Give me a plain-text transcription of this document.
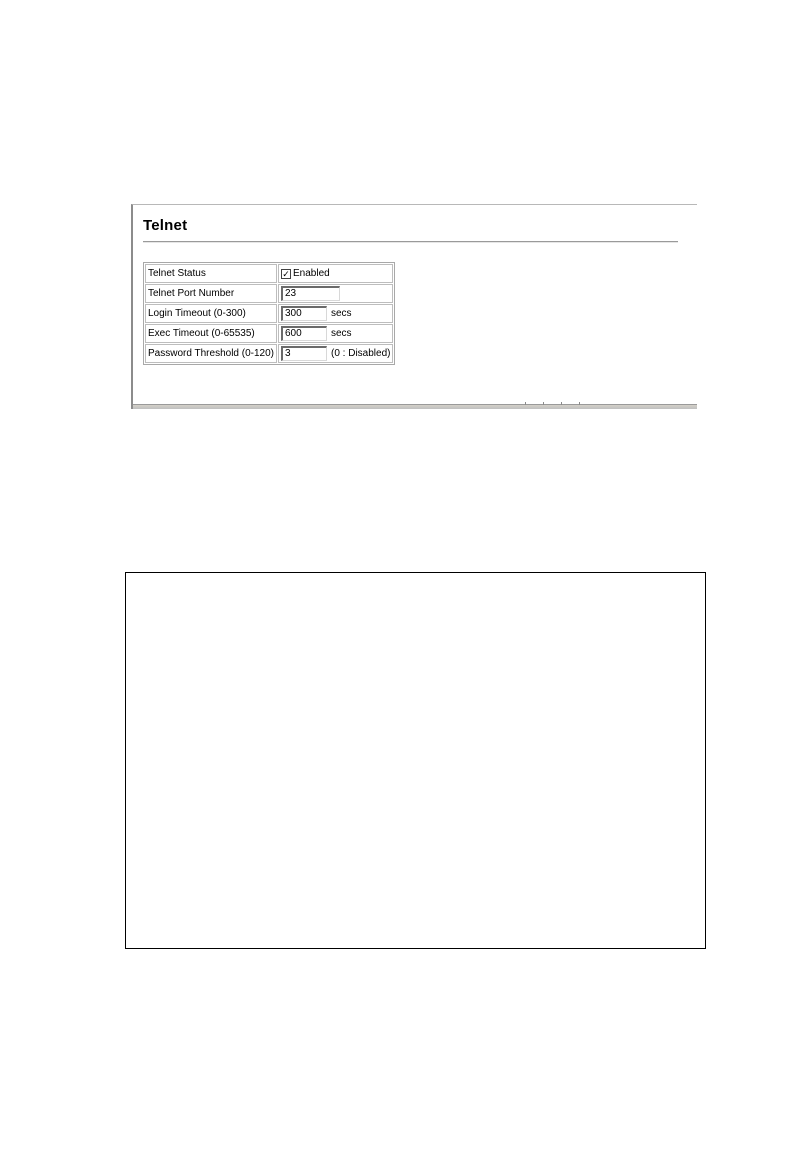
Telnet
Telnet Status	✓ Enabled
Telnet Port Number	23
Login Timeout (0-300)	300 secs
Exec Timeout (0-65535)	600 secs
Password Threshold (0-120)	3 (0 : Disabled)
